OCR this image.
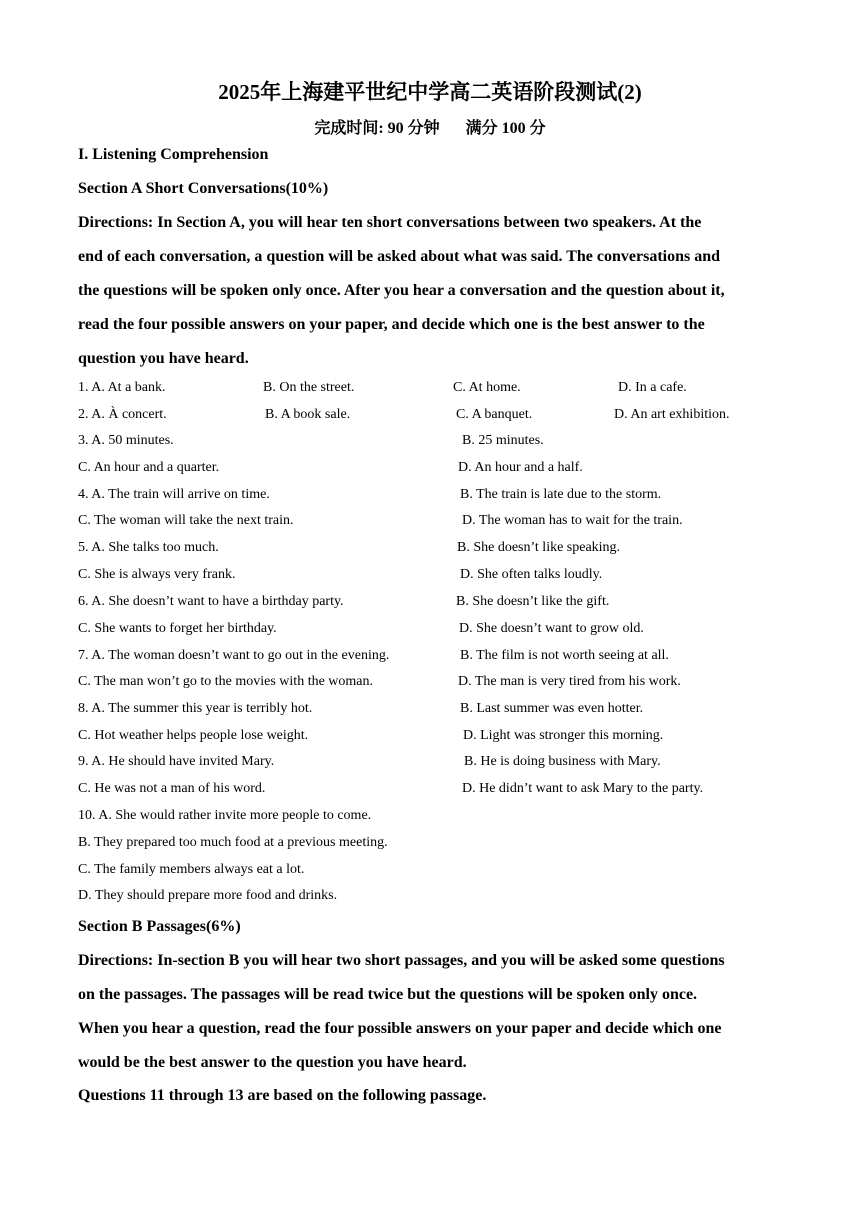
2025年上海建平世纪中学高二英语阶段测试(2)
完成时间: 90 分钟 满分 100 分
I. Listening Comprehension
Section A Short Conversations(10%)
Directions: In Section A, you will hear ten short conversations between two speakers. At the
end of each conversation, a question will be asked about what was said. The conversations and
the questions will be spoken only once. After you hear a conversation and the question about it,
read the four possible answers on your paper, and decide which one is the best answer to the
question you have heard.
1. A. At a bank.	B. On the street.	C. At home.	D. In a cafe.
2. A. À concert.	B. A book sale.	C. A banquet.	D. An art exhibition.
3. A. 50 minutes.	B. 25 minutes.
C. An hour and a quarter.	D. An hour and a half.
4. A. The train will arrive on time.	B. The train is late due to the storm.
C. The woman will take the next train.	D. The woman has to wait for the train.
5. A. She talks too much.	B. She doesn’t like speaking.
C. She is always very frank.	D. She often talks loudly.
6. A. She doesn’t want to have a birthday party.	B. She doesn’t like the gift.
C. She wants to forget her birthday.	D. She doesn’t want to grow old.
7. A. The woman doesn’t want to go out in the evening.	B. The film is not worth seeing at all.
C. The man won’t go to the movies with the woman.	D. The man is very tired from his work.
8. A. The summer this year is terribly hot.	B. Last summer was even hotter.
C. Hot weather helps people lose weight.	D. Light was stronger this morning.
9. A. He should have invited Mary.	B. He is doing business with Mary.
C. He was not a man of his word.	D. He didn’t want to ask Mary to the party.
10. A. She would rather invite more people to come.
B. They prepared too much food at a previous meeting.
C. The family members always eat a lot.
D. They should prepare more food and drinks.
Section B Passages(6%)
Directions: In-section B you will hear two short passages, and you will be asked some questions
on the passages. The passages will be read twice but the questions will be spoken only once.
When you hear a question, read the four possible answers on your paper and decide which one
would be the best answer to the question you have heard.
Questions 11 through 13 are based on the following passage.
